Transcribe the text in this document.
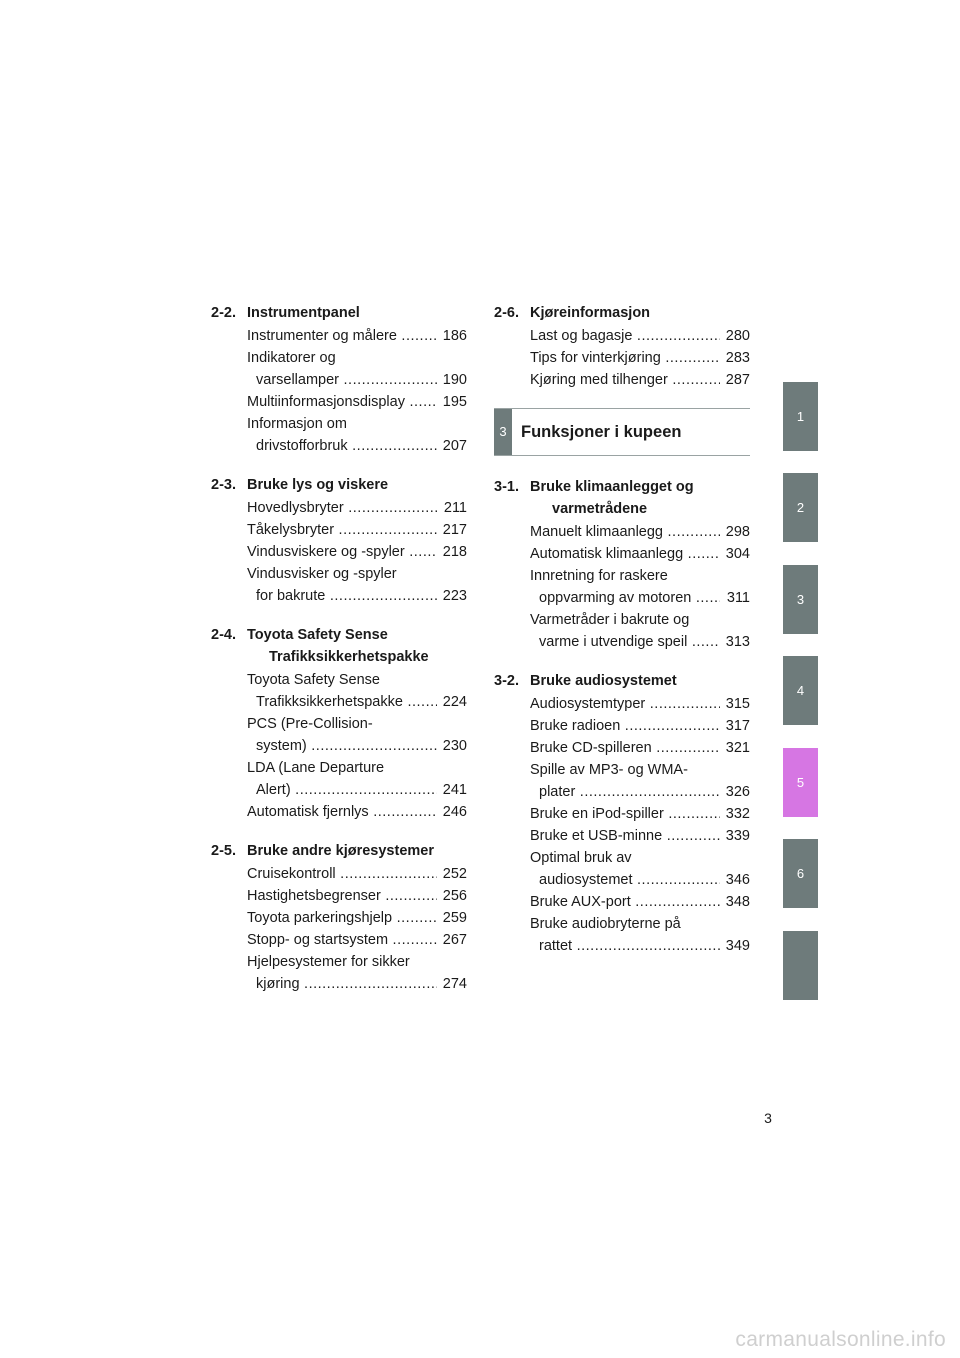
2-2. Instrumentpanel
Instrumenter og målere .....	186
Indikatorer og
varsellamper .....	190
Multiinformasjonsdisplay .....	195
Informasjon om
drivstofforbruk .....	207
2-3. Bruke lys og viskere
Hovedlysbryter .....	211
Tåkelysbryter .....	217
Vindusviskere og -spyler .....	218
Vindusvisker og -spyler
for bakrute .....	223
2-4. Toyota Safety Sense
Trafikksikkerhetspakke
Toyota Safety Sense
Trafikksikkerhetspakke .....	224
PCS (Pre-Collision-
system) .....	230
LDA (Lane Departure
Alert) .....	241
Automatisk fjernlys .....	246
2-5. Bruke andre kjøresystemer
Cruisekontroll .....	252
Hastighetsbegrenser .....	256
Toyota parkeringshjelp .....	259
Stopp- og startsystem .....	267
Hjelpesystemer for sikker
kjøring .....	274
2-6. Kjøreinformasjon
Last og bagasje .....	280
Tips for vinterkjøring .....	283
Kjøring med tilhenger .....	287
3 Funksjoner i kupeen
3-1. Bruke klimaanlegget og
varmetrådene
Manuelt klimaanlegg .....	298
Automatisk klimaanlegg .....	304
Innretning for raskere
oppvarming av motoren .....	311
Varmetråder i bakrute og
varme i utvendige speil .....	313
3-2. Bruke audiosystemet
Audiosystemtyper .....	315
Bruke radioen .....	317
Bruke CD-spilleren .....	321
Spille av MP3- og WMA-
plater .....	326
Bruke en iPod-spiller .....	332
Bruke et USB-minne .....	339
Optimal bruk av
audiosystemet .....	346
Bruke AUX-port .....	348
Bruke audiobryterne på
rattet .....	349
1
2
3
4
5
6
3
carmanualsonline.info
